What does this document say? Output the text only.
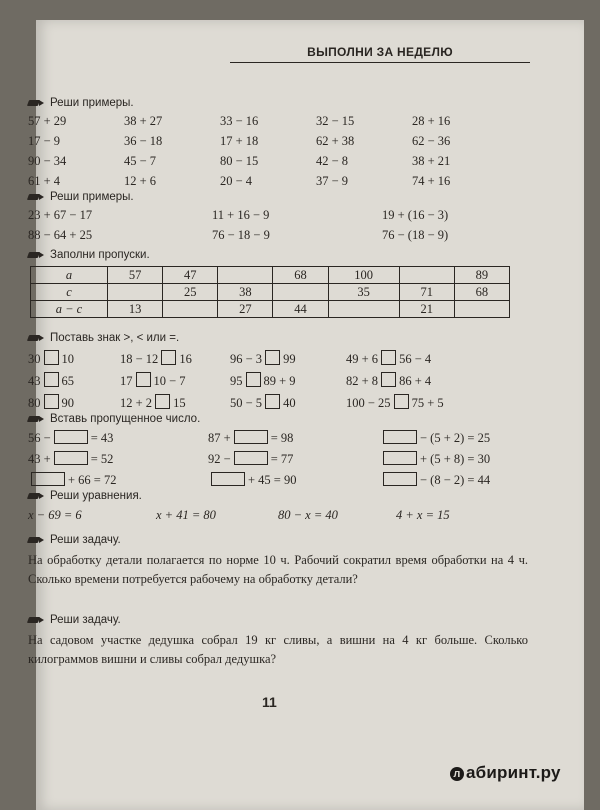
ВЫПОЛНИ ЗА НЕДЕЛЮ
Реши примеры.
57 + 29	38 + 27	33 − 16	32 − 15	28 + 16
17 − 9	36 − 18	17 + 18	62 + 38	62 − 36
90 − 34	45 − 7	80 − 15	42 − 8	38 + 21
61 + 4	12 + 6	20 − 4	37 − 9	74 + 16
Реши примеры.
23 + 67 − 17	11 + 16 − 9	19 + (16 − 3)
88 − 64 + 25	76 − 18 − 9	76 − (18 − 9)
Заполни пропуски.
a	57	47		68	100		89
c		25	38		35	71	68
a − c	13		27	44		21	
Поставь знак >, < или =.
30 10	18 − 12 16	96 − 3 99	49 + 6 56 − 4
43 65	17 10 − 7	95 89 + 9	82 + 8 86 + 4
80 90	12 + 2 15	50 − 5 40	100 − 25 75 + 5
Вставь пропущенное число.
56 −	= 43	87 +	= 98	− (5 + 2) = 25
43 +	= 52	92 −	= 77	+ (5 + 8) = 30
+ 66 = 72	+ 45 = 90	− (8 − 2) = 44
Реши уравнения.
x − 69 = 6	x + 41 = 80	80 − x = 40	4 + x = 15
Реши задачу.
На обработку детали полагается по норме 10 ч. Рабочий сократил время обработки на 4 ч. Сколько времени потребуется рабочему на обработку детали?
Реши задачу.
На садовом участке дедушка собрал 19 кг сливы, а вишни на 4 кг больше. Сколько килограммов вишни и сливы собрал дедушка?
11
л абиринт.ру
